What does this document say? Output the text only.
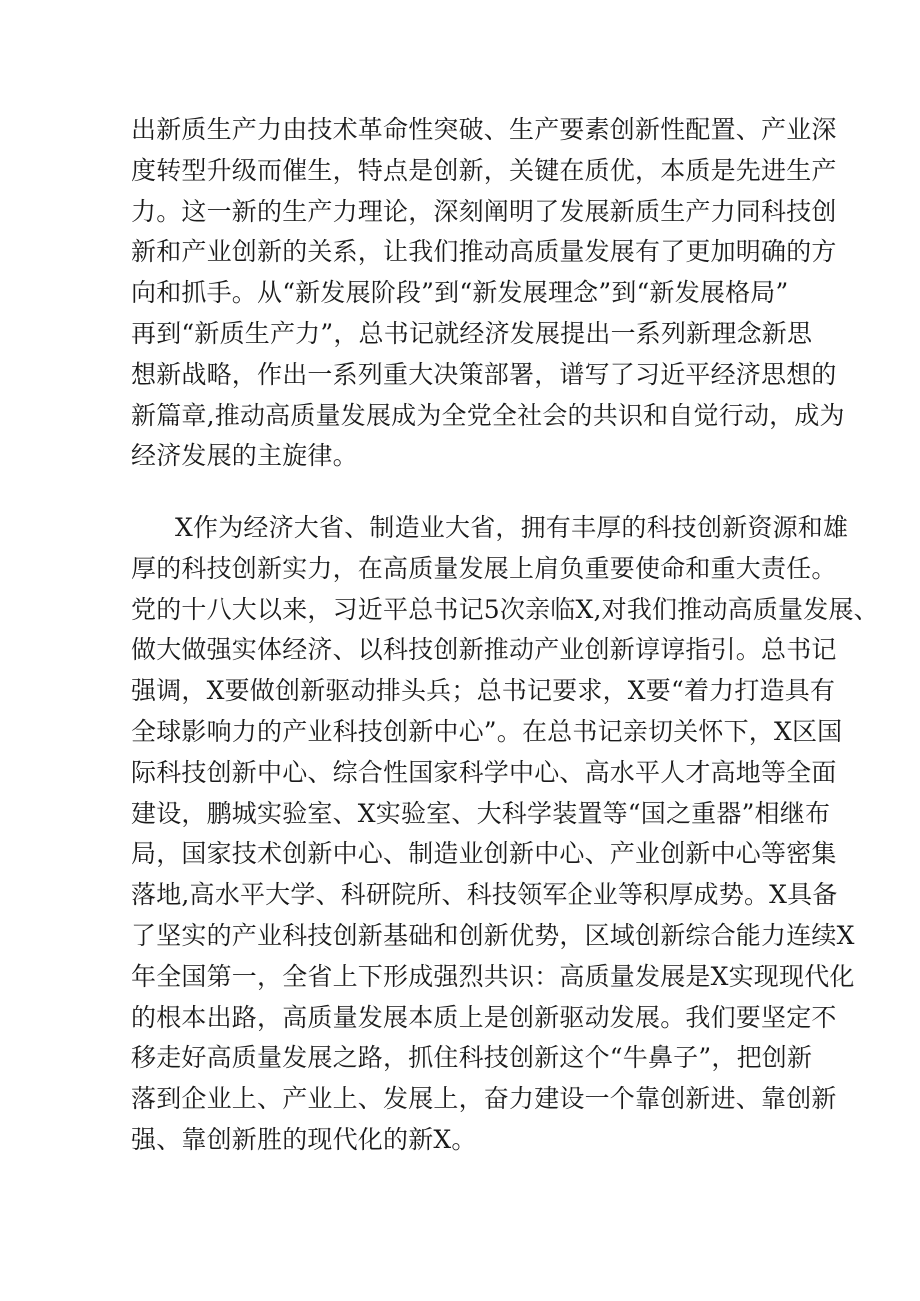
出新质生产力由技术革命性突破、生产要素创新性配置、产业深
度转型升级而催生，特点是创新，关键在质优，本质是先进生产
力。这一新的生产力理论，深刻阐明了发展新质生产力同科技创
新和产业创新的关系，让我们推动高质量发展有了更加明确的方
向和抓手。从“新发展阶段”到“新发展理念”到“新发展格局”
再到“新质生产力”，总书记就经济发展提出一系列新理念新思
想新战略，作出一系列重大决策部署，谱写了习近平经济思想的
新篇章,推动高质量发展成为全党全社会的共识和自觉行动，成为
经济发展的主旋律。
X作为经济大省、制造业大省，拥有丰厚的科技创新资源和雄
厚的科技创新实力，在高质量发展上肩负重要使命和重大责任。
党的十八大以来，习近平总书记5次亲临X,对我们推动高质量发展、
做大做强实体经济、以科技创新推动产业创新谆谆指引。总书记
强调，X要做创新驱动排头兵；总书记要求，X要“着力打造具有
全球影响力的产业科技创新中心”。在总书记亲切关怀下，X区国
际科技创新中心、综合性国家科学中心、高水平人才高地等全面
建设，鹏城实验室、X实验室、大科学装置等“国之重器”相继布
局，国家技术创新中心、制造业创新中心、产业创新中心等密集
落地,高水平大学、科研院所、科技领军企业等积厚成势。X具备
了坚实的产业科技创新基础和创新优势，区域创新综合能力连续X
年全国第一，全省上下形成强烈共识：高质量发展是X实现现代化
的根本出路，高质量发展本质上是创新驱动发展。我们要坚定不
移走好高质量发展之路，抓住科技创新这个“牛鼻子”，把创新
落到企业上、产业上、发展上，奋力建设一个靠创新进、靠创新
强、靠创新胜的现代化的新X。
